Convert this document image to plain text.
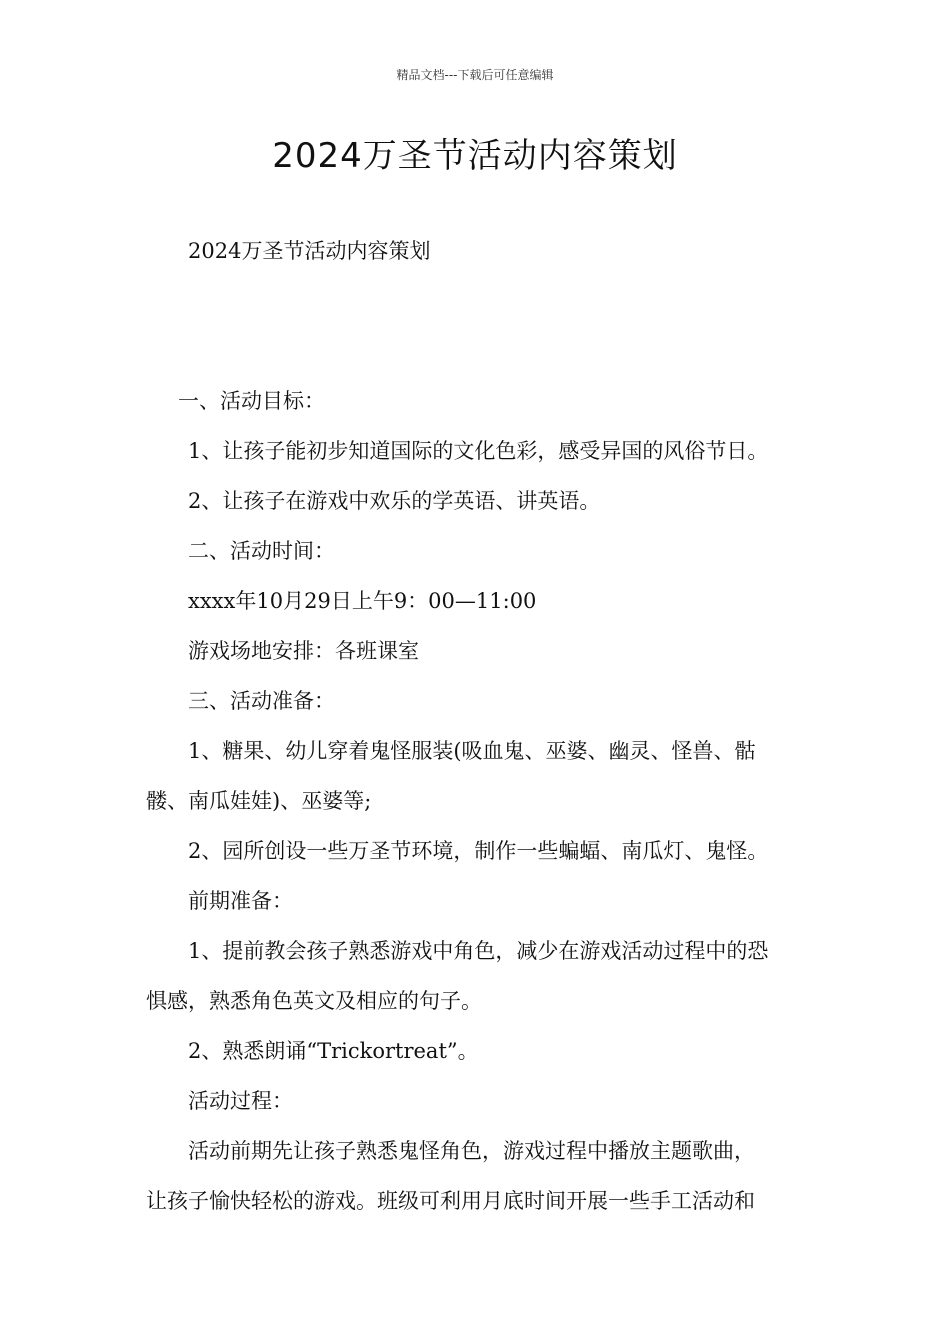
精品文档---下载后可任意编辑
2024万圣节活动内容策划
2024万圣节活动内容策划
一、活动目标：
1、让孩子能初步知道国际的文化色彩，感受异国的风俗节日。
2、让孩子在游戏中欢乐的学英语、讲英语。
二、活动时间：
xxxx年10月29日上午9：00—11:00
游戏场地安排：各班课室
三、活动准备：
1、糖果、幼儿穿着鬼怪服装(吸血鬼、巫婆、幽灵、怪兽、骷
髅、南瓜娃娃)、巫婆等;
2、园所创设一些万圣节环境，制作一些蝙蝠、南瓜灯、鬼怪。
前期准备：
1、提前教会孩子熟悉游戏中角色，减少在游戏活动过程中的恐
惧感，熟悉角色英文及相应的句子。
2、熟悉朗诵“Trickortreat”。
活动过程：
活动前期先让孩子熟悉鬼怪角色，游戏过程中播放主题歌曲，
让孩子愉快轻松的游戏。班级可利用月底时间开展一些手工活动和
